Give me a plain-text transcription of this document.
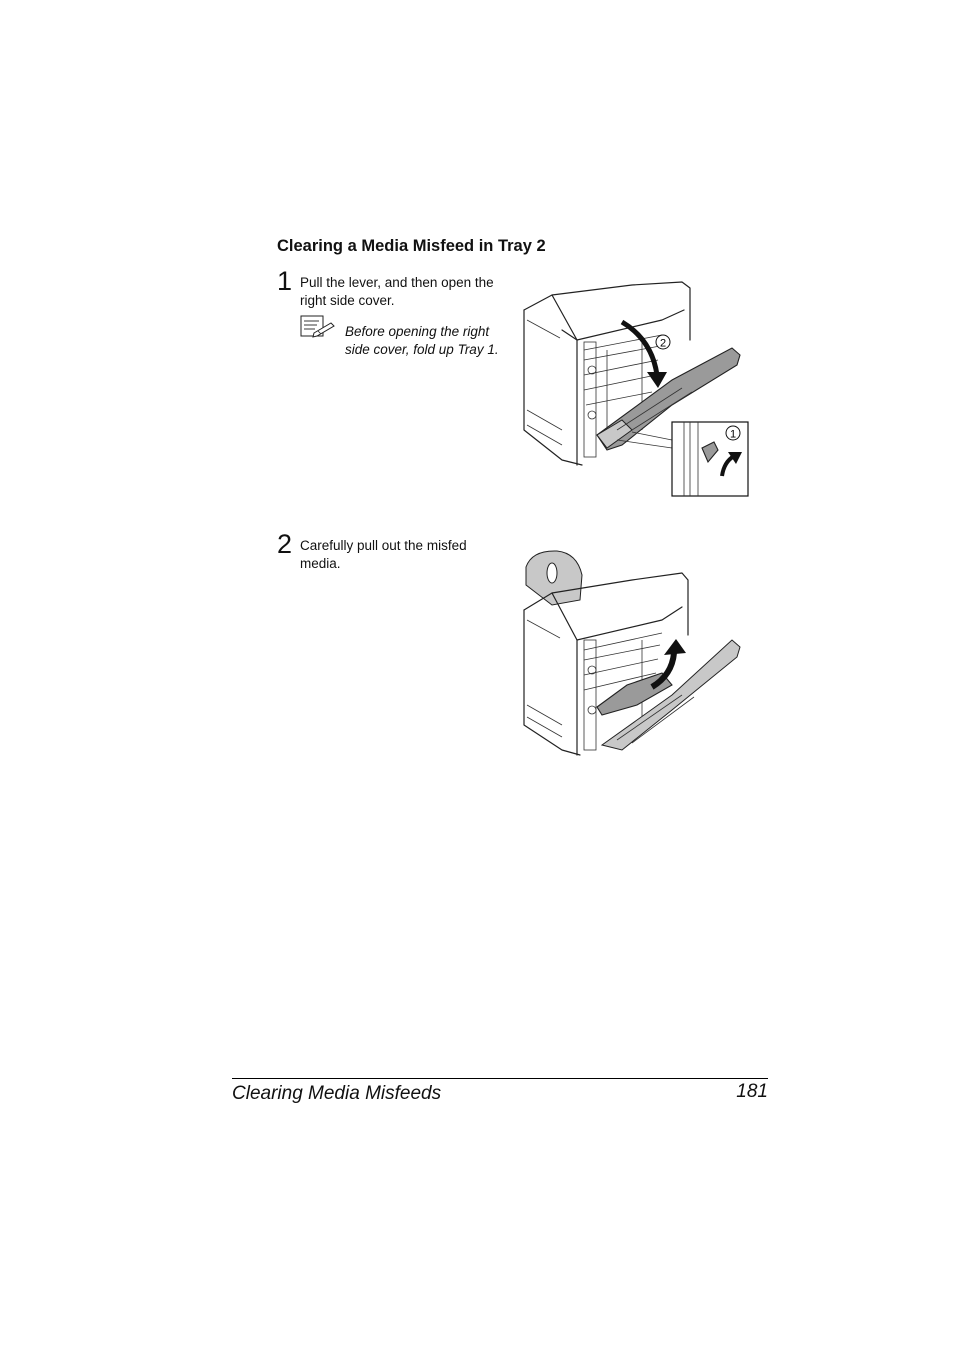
Clearing a Media Misfeed in Tray 2
1 Pull the lever, and then open the right side cover.
Before opening the right side cover, fold up Tray 1.	2
1
2 Carefully pull out the misfed media.
Clearing Media Misfeeds	181
